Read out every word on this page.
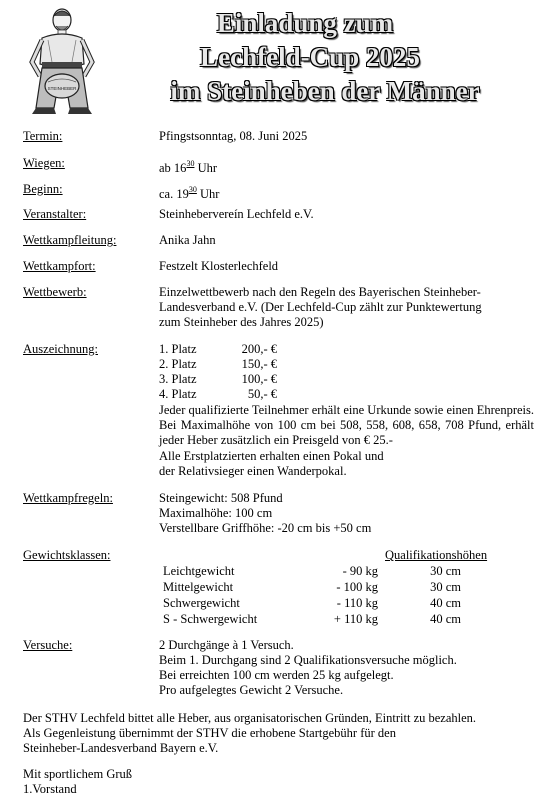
STEINHEBER
Einladung zum
Lechfeld-Cup 2025
im Steinheben der Männer
Termin:	Pfingstsonntag, 08. Juni 2025
Wiegen:	ab $16^{30}$ Uhr
Beginn:	ca. $19^{30}$ Uhr
Veranstalter:	Steinhebervereín Lechfeld e.V.
Wettkampfleitung:	Anika Jahn
Wettkampfort:	Festzelt Klosterlechfeld
Wettbewerb:	Einzelwettbewerb nach den Regeln des Bayerischen Steinheber-
Landesverband e.V. (Der Lechfeld-Cup zählt zur Punktewertung
zum Steinheber des Jahres 2025)
Auszeichnung:	1. Platz	200,- €
2. Platz	150,- €
3. Platz	100,- €
4. Platz	50,- €
Jeder qualifizierte Teilnehmer erhält eine Urkunde sowie einen Ehrenpreis. Bei Maximalhöhe von 100 cm bei 508, 558, 608, 658, 708 Pfund, erhält jeder Heber zusätzlich ein Preisgeld von € 25.-
Alle Erstplatzierten erhalten einen Pokal und
der Relativsieger einen Wanderpokal.
Wettkampfregeln:	Steingewicht: 508 Pfund
Maximalhöhe: 100 cm
Verstellbare Griffhöhe: -20 cm bis +50 cm
Gewichtsklassen:	Qualifikationshöhen
Leichtgewicht	- 90 kg	30 cm
Mittelgewicht	- 100 kg	30 cm
Schwergewicht	- 110 kg	40 cm
S - Schwergewicht	+ 110 kg	40 cm
Versuche:	2 Durchgänge à 1 Versuch.
Beim 1. Durchgang sind 2 Qualifikationsversuche möglich.
Bei erreichten 100 cm werden 25 kg aufgelegt.
Pro aufgelegtes Gewicht 2 Versuche.
Der STHV Lechfeld bittet alle Heber, aus organisatorischen Gründen, Eintritt zu bezahlen.
Als Gegenleistung übernimmt der STHV die erhobene Startgebühr für den
Steinheber-Landesverband Bayern e.V.
Mit sportlichem Gruß
1.Vorstand
